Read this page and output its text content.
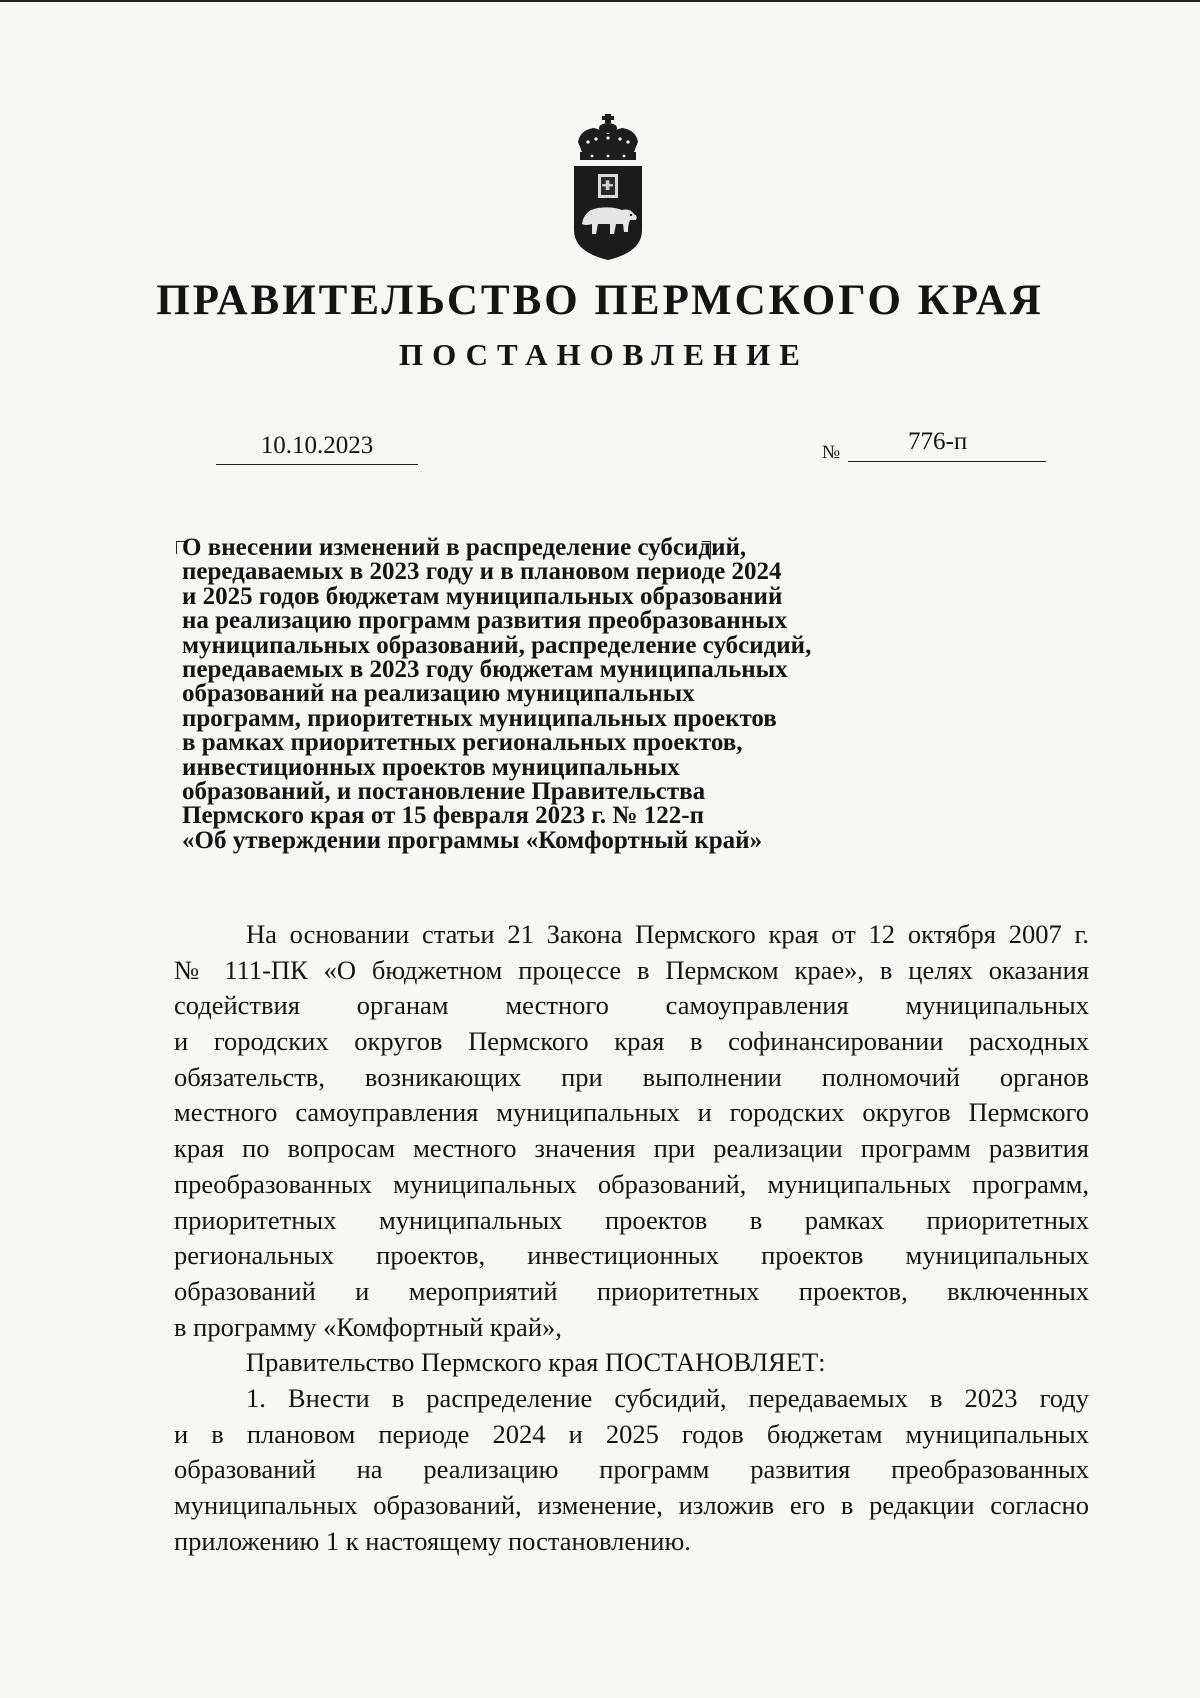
ПРАВИТЕЛЬСТВО ПЕРМСКОГО КРАЯ
ПОСТАНОВЛЕНИЕ
10.10.2023	№	776-п
О внесении изменений в распределение субсидий,
передаваемых в 2023 году и в плановом периоде 2024
и 2025 годов бюджетам муниципальных образований
на реализацию программ развития преобразованных
муниципальных образований, распределение субсидий,
передаваемых в 2023 году бюджетам муниципальных
образований на реализацию муниципальных
программ, приоритетных муниципальных проектов
в рамках приоритетных региональных проектов,
инвестиционных проектов муниципальных
образований, и постановление Правительства
Пермского края от 15 февраля 2023 г. № 122-п
«Об утверждении программы «Комфортный край»
На основании статьи 21 Закона Пермского края от 12 октября 2007 г.
№ 111-ПК «О бюджетном процессе в Пермском крае», в целях оказания
содействия органам местного самоуправления муниципальных
и городских округов Пермского края в софинансировании расходных
обязательств, возникающих при выполнении полномочий органов
местного самоуправления муниципальных и городских округов Пермского
края по вопросам местного значения при реализации программ развития
преобразованных муниципальных образований, муниципальных программ,
приоритетных муниципальных проектов в рамках приоритетных
региональных проектов, инвестиционных проектов муниципальных
образований и мероприятий приоритетных проектов, включенных
в программу «Комфортный край»,
Правительство Пермского края ПОСТАНОВЛЯЕТ:
1. Внести в распределение субсидий, передаваемых в 2023 году
и в плановом периоде 2024 и 2025 годов бюджетам муниципальных
образований на реализацию программ развития преобразованных
муниципальных образований, изменение, изложив его в редакции согласно
приложению 1 к настоящему постановлению.
